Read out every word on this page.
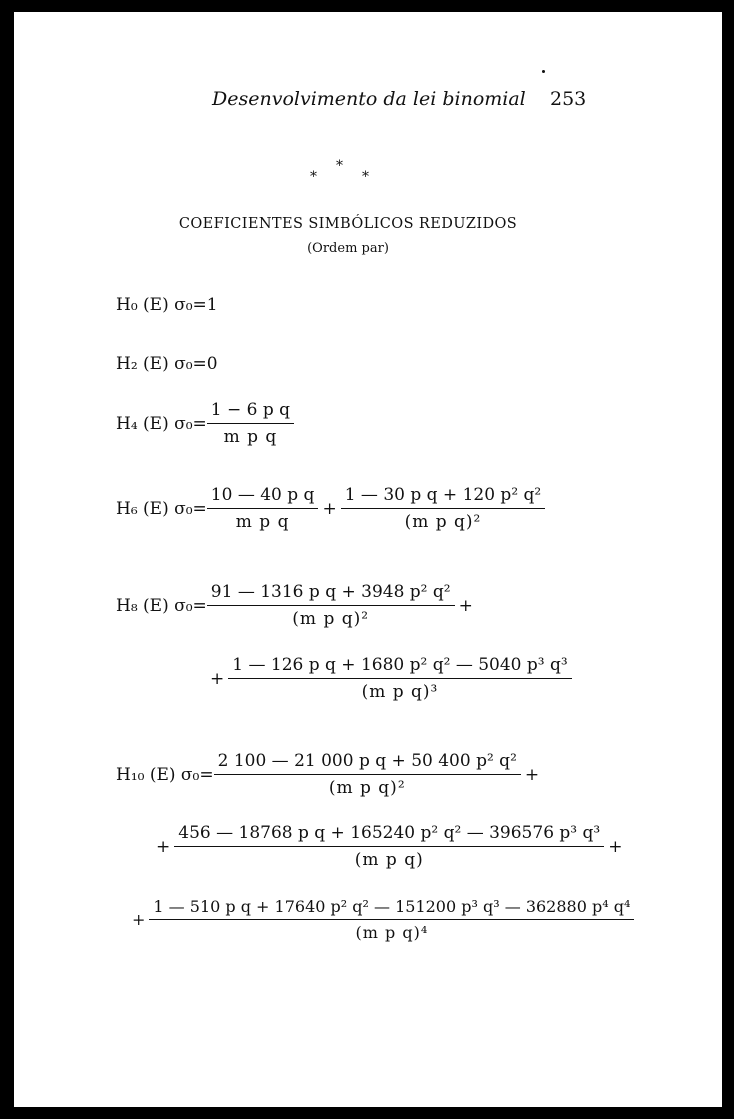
Desenvolvimento da lei binomial 253
*
*	*
COEFICIENTES SIMBÓLICOS REDUZIDOS
(Ordem par)
H₀ (E) σ₀= 1
H₂ (E) σ₀= 0
H₄ (E) $\sigma_0= \frac{\text{1 − 6 p q}}{\text{m p q}}$
H₆ (E) $\sigma_0= \frac{\text{10 — 40 p q}}{\text{m p q}} + \frac{\text{1 — 30 p q + 120 p² q²}}{\text{(m p q)²}}$
H₈ (E) $\sigma_0= \frac{\text{91 — 1316 p q + 3948 p² q²}}{\text{(m p q)²}}$ +
+ $\frac{\text{1 — 126 p q + 1680 p² q² — 5040 p³ q³}}{\text{(m p q)³}}$
H₁₀ (E) $\sigma_0= \frac{\text{2 100 — 21 000 p q + 50 400 p² q²}}{\text{(m p q)²}}$ +
+ $\frac{\text{456 — 18768 p q + 165240 p² q² — 396576 p³ q³}}{\text{(m p q)}}$ +
+ $\frac{\text{1 — 510 p q + 17640 p² q² — 151200 p³ q³ — 362880 p⁴ q⁴}}{\text{(m p q)⁴}}$
